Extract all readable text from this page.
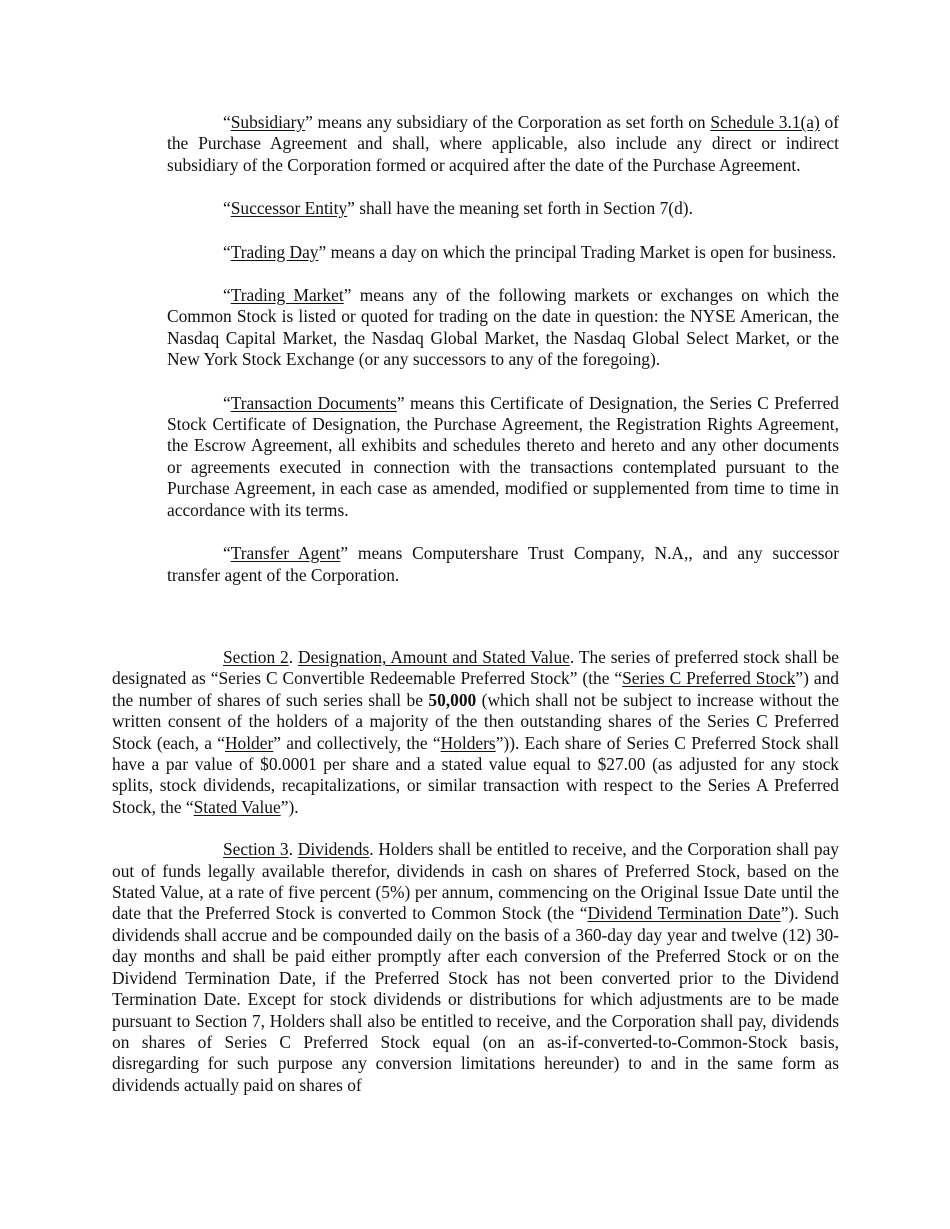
“Subsidiary” means any subsidiary of the Corporation as set forth on Schedule 3.1(a) of the Purchase Agreement and shall, where applicable, also include any direct or indirect subsidiary of the Corporation formed or acquired after the date of the Purchase Agreement.

“Successor Entity” shall have the meaning set forth in Section 7(d).

“Trading Day” means a day on which the principal Trading Market is open for business.

“Trading Market” means any of the following markets or exchanges on which the Common Stock is listed or quoted for trading on the date in question: the NYSE American, the Nasdaq Capital Market, the Nasdaq Global Market, the Nasdaq Global Select Market, or the New York Stock Exchange (or any successors to any of the foregoing).

“Transaction Documents” means this Certificate of Designation, the Series C Preferred Stock Certificate of Designation, the Purchase Agreement, the Registration Rights Agreement, the Escrow Agreement, all exhibits and schedules thereto and hereto and any other documents or agreements executed in connection with the transactions contemplated pursuant to the Purchase Agreement, in each case as amended, modified or supplemented from time to time in accordance with its terms.

“Transfer Agent” means Computershare Trust Company, N.A,, and any successor transfer agent of the Corporation.

Section 2. Designation, Amount and Stated Value. The series of preferred stock shall be designated as “Series C Convertible Redeemable Preferred Stock” (the “Series C Preferred Stock”) and the number of shares of such series shall be 50,000 (which shall not be subject to increase without the written consent of the holders of a majority of the then outstanding shares of the Series C Preferred Stock (each, a “Holder” and collectively, the “Holders”)). Each share of Series C Preferred Stock shall have a par value of $0.0001 per share and a stated value equal to $27.00 (as adjusted for any stock splits, stock dividends, recapitalizations, or similar transaction with respect to the Series A Preferred Stock, the “Stated Value”).

Section 3. Dividends. Holders shall be entitled to receive, and the Corporation shall pay out of funds legally available therefor, dividends in cash on shares of Preferred Stock, based on the Stated Value, at a rate of five percent (5%) per annum, commencing on the Original Issue Date until the date that the Preferred Stock is converted to Common Stock (the “Dividend Termination Date”). Such dividends shall accrue and be compounded daily on the basis of a 360-day day year and twelve (12) 30-day months and shall be paid either promptly after each conversion of the Preferred Stock or on the Dividend Termination Date, if the Preferred Stock has not been converted prior to the Dividend Termination Date. Except for stock dividends or distributions for which adjustments are to be made pursuant to Section 7, Holders shall also be entitled to receive, and the Corporation shall pay, dividends on shares of Series C Preferred Stock equal (on an as-if-converted-to-Common-Stock basis, disregarding for such purpose any conversion limitations hereunder) to and in the same form as dividends actually paid on shares of
